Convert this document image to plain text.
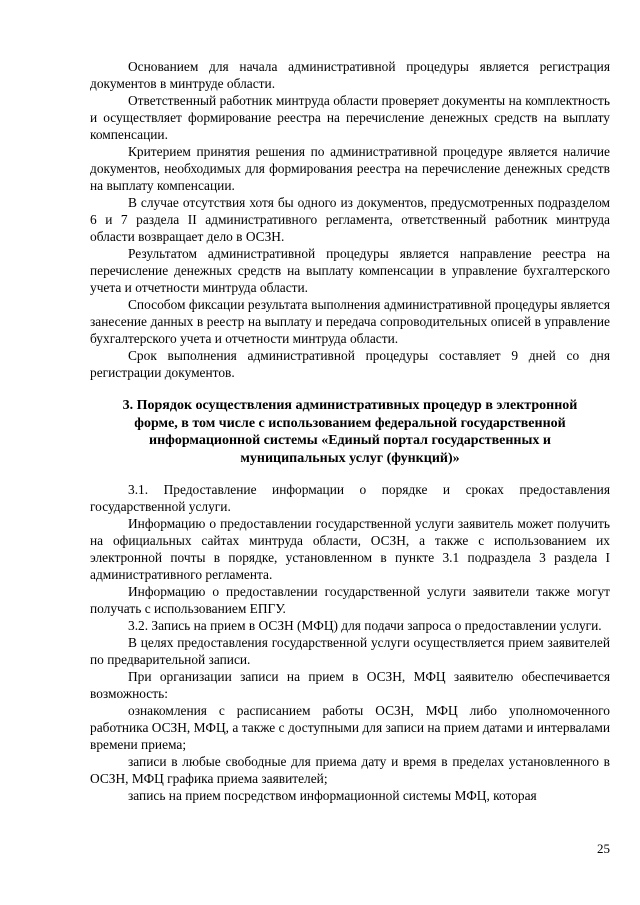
Основанием для начала административной процедуры является регистрация документов в минтруде области.

Ответственный работник минтруда области проверяет документы на комплектность и осуществляет формирование реестра на перечисление денежных средств на выплату компенсации.

Критерием принятия решения по административной процедуре является наличие документов, необходимых для формирования реестра на перечисление денежных средств на выплату компенсации.

В случае отсутствия хотя бы одного из документов, предусмотренных подразделом 6 и 7 раздела II административного регламента, ответственный работник минтруда области возвращает дело в ОСЗН.

Результатом административной процедуры является направление реестра на перечисление денежных средств на выплату компенсации в управление бухгалтерского учета и отчетности минтруда области.

Способом фиксации результата выполнения административной процедуры является занесение данных в реестр на выплату и передача сопроводительных описей в управление бухгалтерского учета и отчетности минтруда области.

Срок выполнения административной процедуры составляет 9 дней со дня регистрации документов.

3. Порядок осуществления административных процедур в электронной форме, в том числе с использованием федеральной государственной информационной системы «Единый портал государственных и муниципальных услуг (функций)»

3.1. Предоставление информации о порядке и сроках предоставления государственной услуги.

Информацию о предоставлении государственной услуги заявитель может получить на официальных сайтах минтруда области, ОСЗН, а также с использованием их электронной почты в порядке, установленном в пункте 3.1 подраздела 3 раздела I административного регламента.

Информацию о предоставлении государственной услуги заявители также могут получать с использованием ЕПГУ.

3.2. Запись на прием в ОСЗН (МФЦ) для подачи запроса о предоставлении услуги.

В целях предоставления государственной услуги осуществляется прием заявителей по предварительной записи.

При организации записи на прием в ОСЗН, МФЦ заявителю обеспечивается возможность:

ознакомления с расписанием работы ОСЗН, МФЦ либо уполномоченного работника ОСЗН, МФЦ, а также с доступными для записи на прием датами и интервалами времени приема;

записи в любые свободные для приема дату и время в пределах установленного в ОСЗН, МФЦ графика приема заявителей;

запись на прием посредством информационной системы МФЦ, которая

25
